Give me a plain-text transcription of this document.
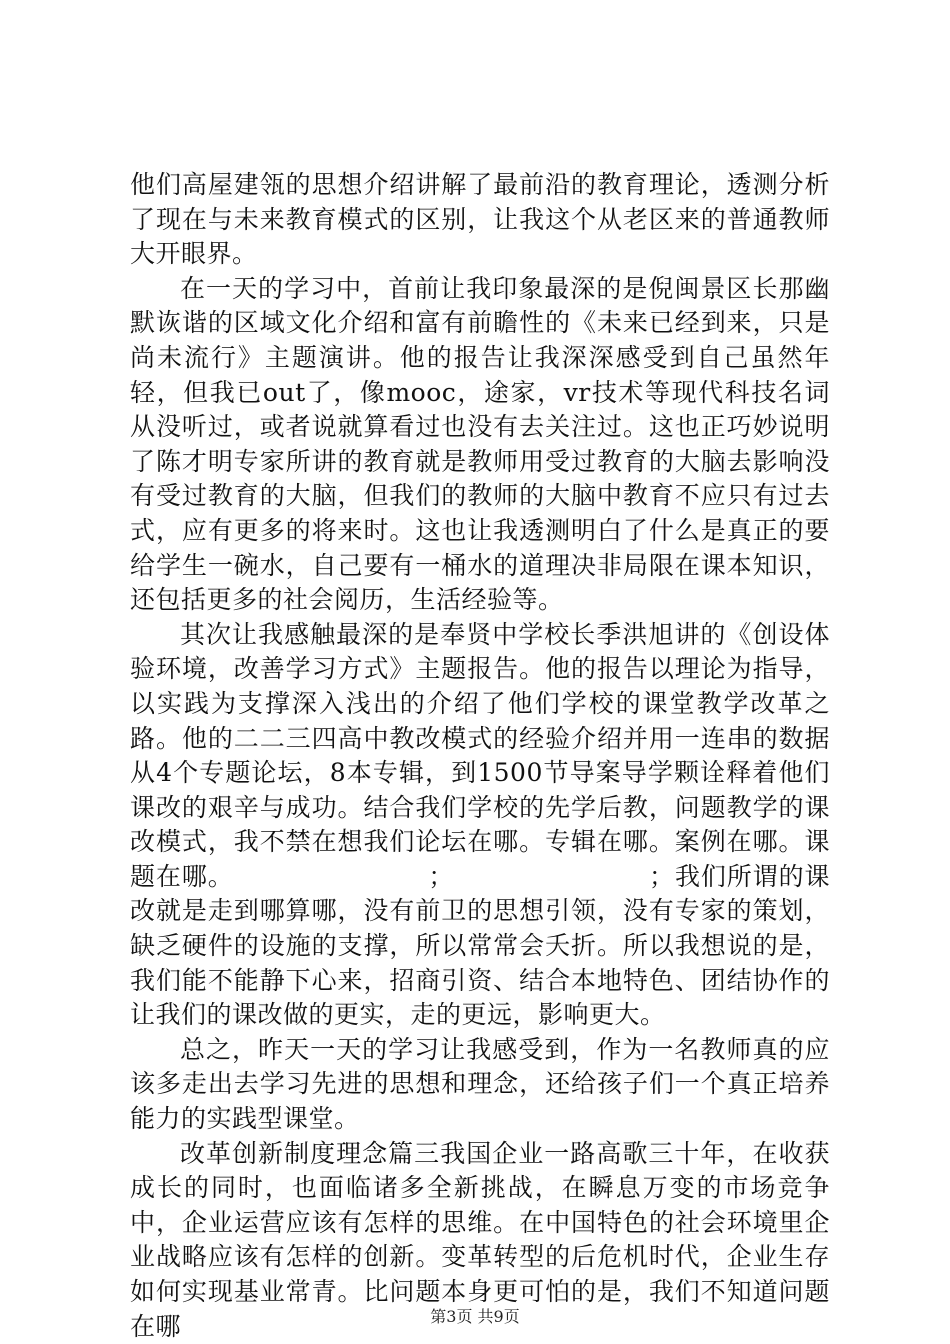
他们高屋建瓴的思想介绍讲解了最前沿的教育理论，透测分析了现在与未来教育模式的区别，让我这个从老区来的普通教师大开眼界。

在一天的学习中，首前让我印象最深的是倪闽景区长那幽默诙谐的区域文化介绍和富有前瞻性的《未来已经到来，只是尚未流行》主题演讲。他的报告让我深深感受到自己虽然年轻，但我已out了，像mooc，途家，vr技术等现代科技名词从没听过，或者说就算看过也没有去关注过。这也正巧妙说明了陈才明专家所讲的教育就是教师用受过教育的大脑去影响没有受过教育的大脑，但我们的教师的大脑中教育不应只有过去式，应有更多的将来时。这也让我透测明白了什么是真正的要给学生一碗水，自己要有一桶水的道理决非局限在课本知识，还包括更多的社会阅历，生活经验等。

其次让我感触最深的是奉贤中学校长季洪旭讲的《创设体验环境，改善学习方式》主题报告。他的报告以理论为指导，以实践为支撑深入浅出的介绍了他们学校的课堂教学改革之路。他的二二三四高中教改模式的经验介绍并用一连串的数据从4个专题论坛，8本专辑，到1500节导案导学颗诠释着他们课改的艰辛与成功。结合我们学校的先学后教，问题教学的课改模式，我不禁在想我们论坛在哪。专辑在哪。案例在哪。课题在哪。　　　　　　　　；　　　　　　　　；我们所谓的课改就是走到哪算哪，没有前卫的思想引领，没有专家的策划，缺乏硬件的设施的支撑，所以常常会夭折。所以我想说的是，我们能不能静下心来，招商引资、结合本地特色、团结协作的让我们的课改做的更实，走的更远，影响更大。

总之，昨天一天的学习让我感受到，作为一名教师真的应该多走出去学习先进的思想和理念，还给孩子们一个真正培养能力的实践型课堂。

改革创新制度理念篇三我国企业一路高歌三十年，在收获成长的同时，也面临诸多全新挑战，在瞬息万变的市场竞争中，企业运营应该有怎样的思维。在中国特色的社会环境里企业战略应该有怎样的创新。变革转型的后危机时代，企业生存如何实现基业常青。比问题本身更可怕的是，我们不知道问题在哪	第3页 共9页
